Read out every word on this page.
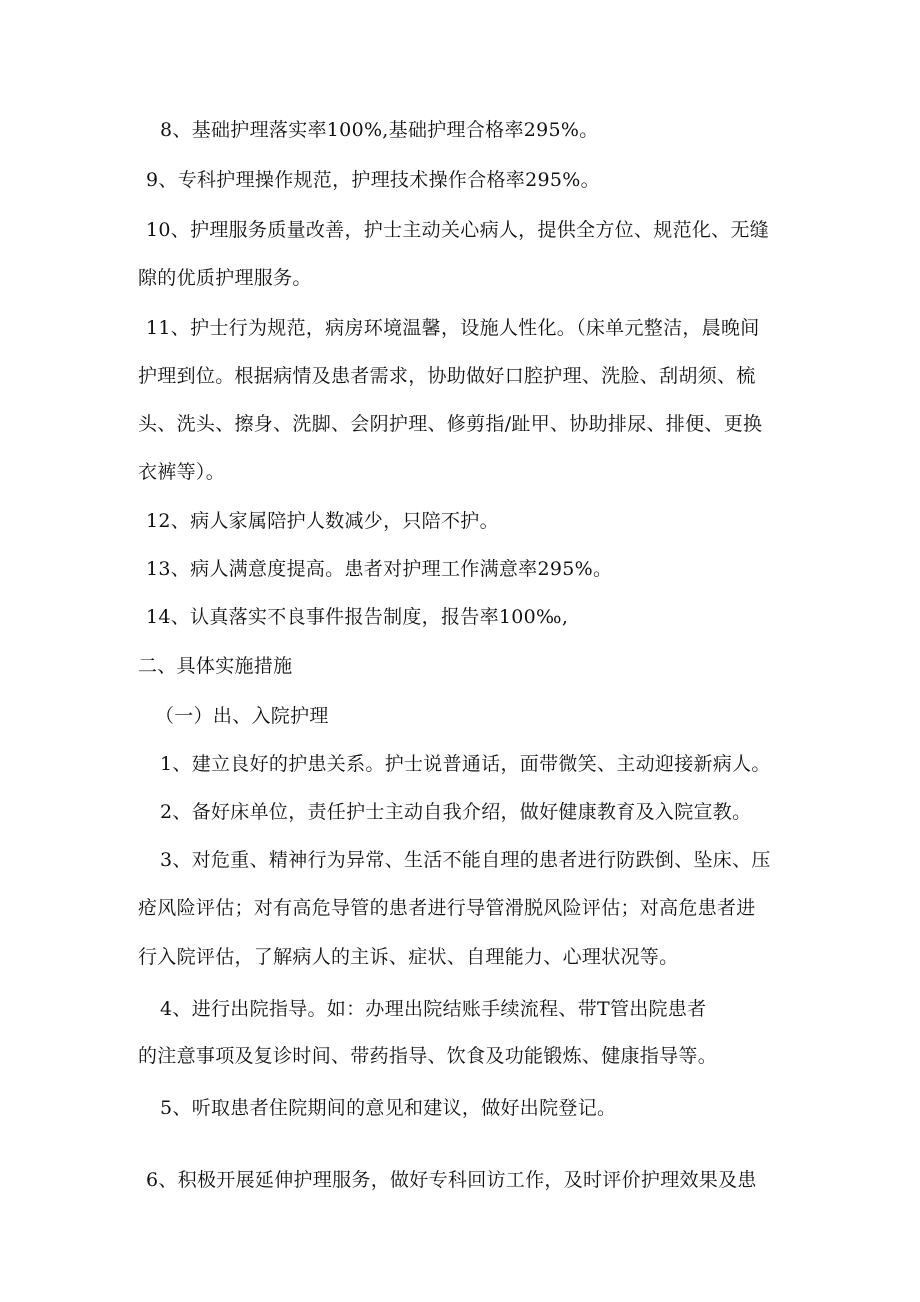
8、基础护理落实率100%,基础护理合格率295%。
9、专科护理操作规范，护理技术操作合格率295%。
10、护理服务质量改善，护士主动关心病人，提供全方位、规范化、无缝
隙的优质护理服务。
11、护士行为规范，病房环境温馨，设施人性化。（床单元整洁，晨晚间
护理到位。根据病情及患者需求，协助做好口腔护理、洗脸、刮胡须、梳
头、洗头、擦身、洗脚、会阴护理、修剪指/趾甲、协助排尿、排便、更换
衣裤等）。
12、病人家属陪护人数减少，只陪不护。
13、病人满意度提高。患者对护理工作满意率295%。
14、认真落实不良事件报告制度，报告率100‰,
二、具体实施措施
（一）出、入院护理
1、建立良好的护患关系。护士说普通话，面带微笑、主动迎接新病人。
2、备好床单位，责任护士主动自我介绍，做好健康教育及入院宣教。
3、对危重、精神行为异常、生活不能自理的患者进行防跌倒、坠床、压
疮风险评估；对有高危导管的患者进行导管滑脱风险评估；对高危患者进
行入院评估，了解病人的主诉、症状、自理能力、心理状况等。
4、进行出院指导。如：办理出院结账手续流程、带T管出院患者
的注意事项及复诊时间、带药指导、饮食及功能锻炼、健康指导等。
5、听取患者住院期间的意见和建议，做好出院登记。
6、积极开展延伸护理服务，做好专科回访工作，及时评价护理效果及患
